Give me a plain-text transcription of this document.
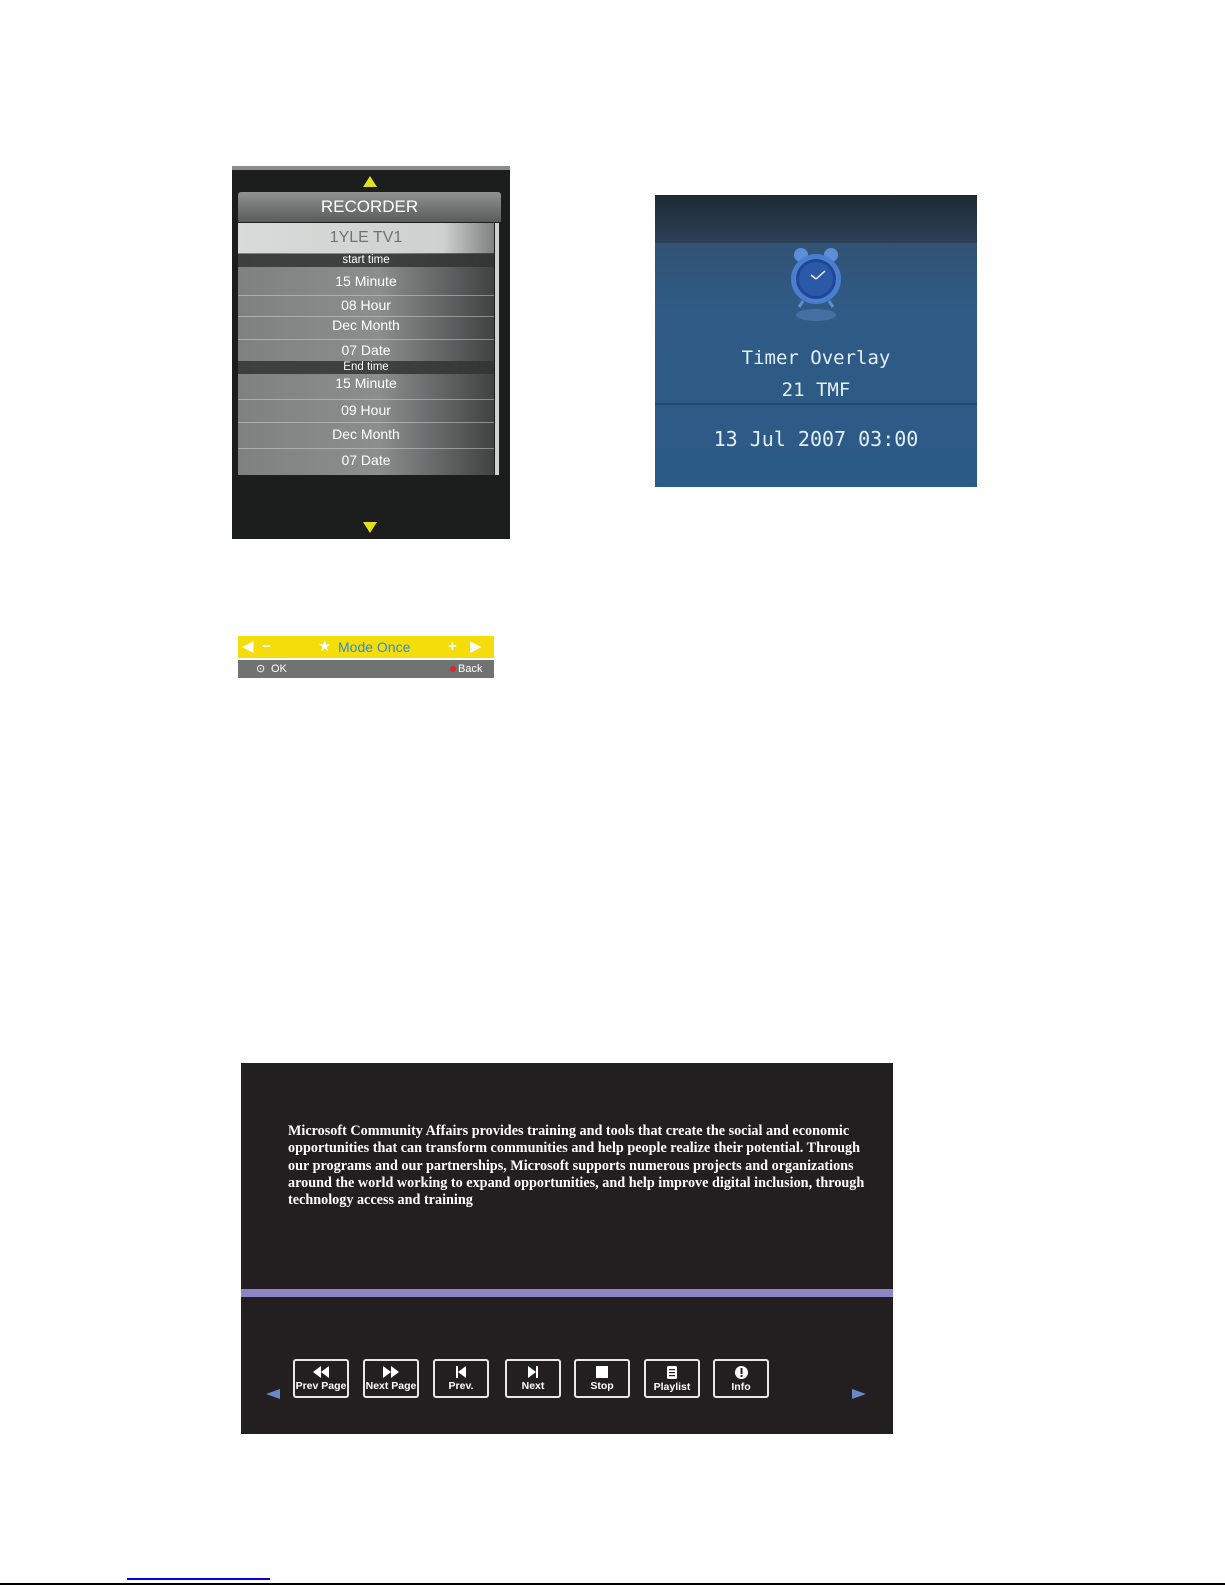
RECORDER
1YLE TV1
start time
15 Minute
08 Hour
Dec Month
07 Date
End time
15 Minute
09 Hour
Dec Month
07 Date
◀ −	★ Mode Once	+ ▶
⊙ OK	Back
Timer Overlay
21 TMF
13 Jul 2007 03:00

Microsoft Community Affairs provides training and tools that create the social and economic opportunities that can transform communities and help people realize their potential. Through our programs and our partnerships, Microsoft supports numerous projects and organizations around the world working to expand opportunities, and help improve digital inclusion, through technology access and training

Prev Page Next Page	Prev.	Next	Stop	Playlist	Info
